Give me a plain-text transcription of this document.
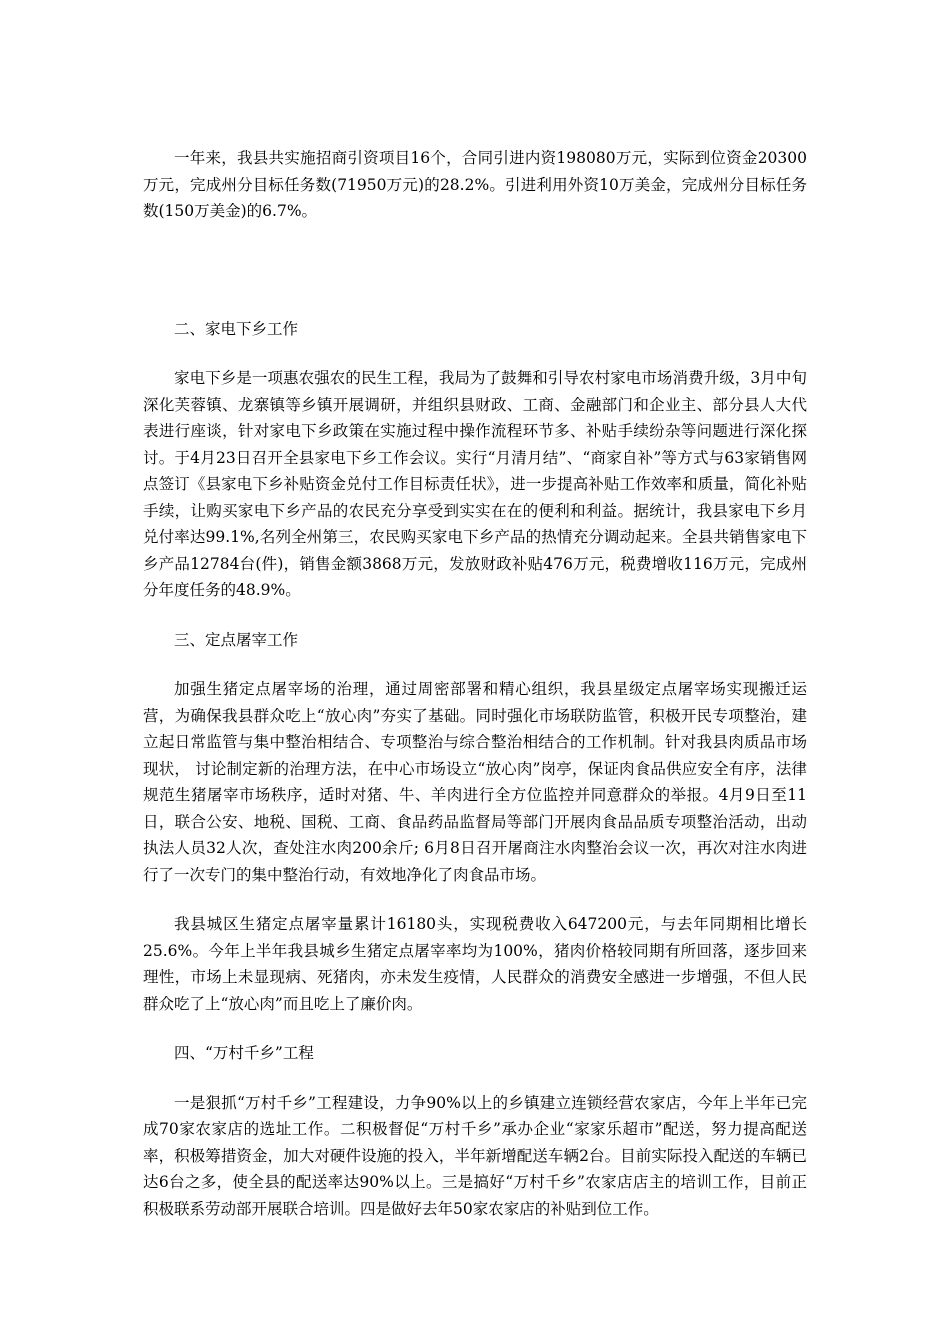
一年来，我县共实施招商引资项目16个，合同引进内资198080万元，实际到位资金20300万元，完成州分目标任务数(71950万元)的28.2%。引进利用外资10万美金，完成州分目标任务数(150万美金)的6.7%。

二、家电下乡工作

家电下乡是一项惠农强农的民生工程，我局为了鼓舞和引导农村家电市场消费升级，3月中旬深化芙蓉镇、龙寨镇等乡镇开展调研，并组织县财政、工商、金融部门和企业主、部分县人大代表进行座谈，针对家电下乡政策在实施过程中操作流程环节多、补贴手续纷杂等问题进行深化探讨。于4月23日召开全县家电下乡工作会议。实行“月清月结”、“商家自补”等方式与63家销售网点签订《县家电下乡补贴资金兑付工作目标责任状》，进一步提高补贴工作效率和质量，简化补贴手续，让购买家电下乡产品的农民充分享受到实实在在的便利和利益。据统计，我县家电下乡月兑付率达99.1%,名列全州第三，农民购买家电下乡产品的热情充分调动起来。全县共销售家电下乡产品12784台(件)，销售金额3868万元，发放财政补贴476万元，税费增收116万元，完成州分年度任务的48.9%。

三、定点屠宰工作

加强生猪定点屠宰场的治理，通过周密部署和精心组织，我县星级定点屠宰场实现搬迁运营，为确保我县群众吃上“放心肉”夯实了基础。同时强化市场联防监管，积极开民专项整治，建立起日常监管与集中整治相结合、专项整治与综合整治相结合的工作机制。针对我县肉质品市场现状， 讨论制定新的治理方法，在中心市场设立“放心肉”岗亭，保证肉食品供应安全有序，法律规范生猪屠宰市场秩序，适时对猪、牛、羊肉进行全方位监控并同意群众的举报。4月9日至11日，联合公安、地税、国税、工商、食品药品监督局等部门开展肉食品品质专项整治活动，出动执法人员32人次，查处注水肉200余斤; 6月8日召开屠商注水肉整治会议一次，再次对注水肉进行了一次专门的集中整治行动，有效地净化了肉食品市场。

我县城区生猪定点屠宰量累计16180头，实现税费收入647200元，与去年同期相比增长25.6%。今年上半年我县城乡生猪定点屠宰率均为100%，猪肉价格较同期有所回落，逐步回来理性，市场上未显现病、死猪肉，亦未发生疫情，人民群众的消费安全感进一步增强，不但人民群众吃了上“放心肉”而且吃上了廉价肉。

四、“万村千乡”工程

一是狠抓“万村千乡”工程建设，力争90%以上的乡镇建立连锁经营农家店，今年上半年已完成70家农家店的选址工作。二积极督促“万村千乡”承办企业“家家乐超市”配送，努力提高配送率，积极筹措资金，加大对硬件设施的投入，半年新增配送车辆2台。目前实际投入配送的车辆已达6台之多，使全县的配送率达90%以上。三是搞好“万村千乡”农家店店主的培训工作，目前正积极联系劳动部开展联合培训。四是做好去年50家农家店的补贴到位工作。
